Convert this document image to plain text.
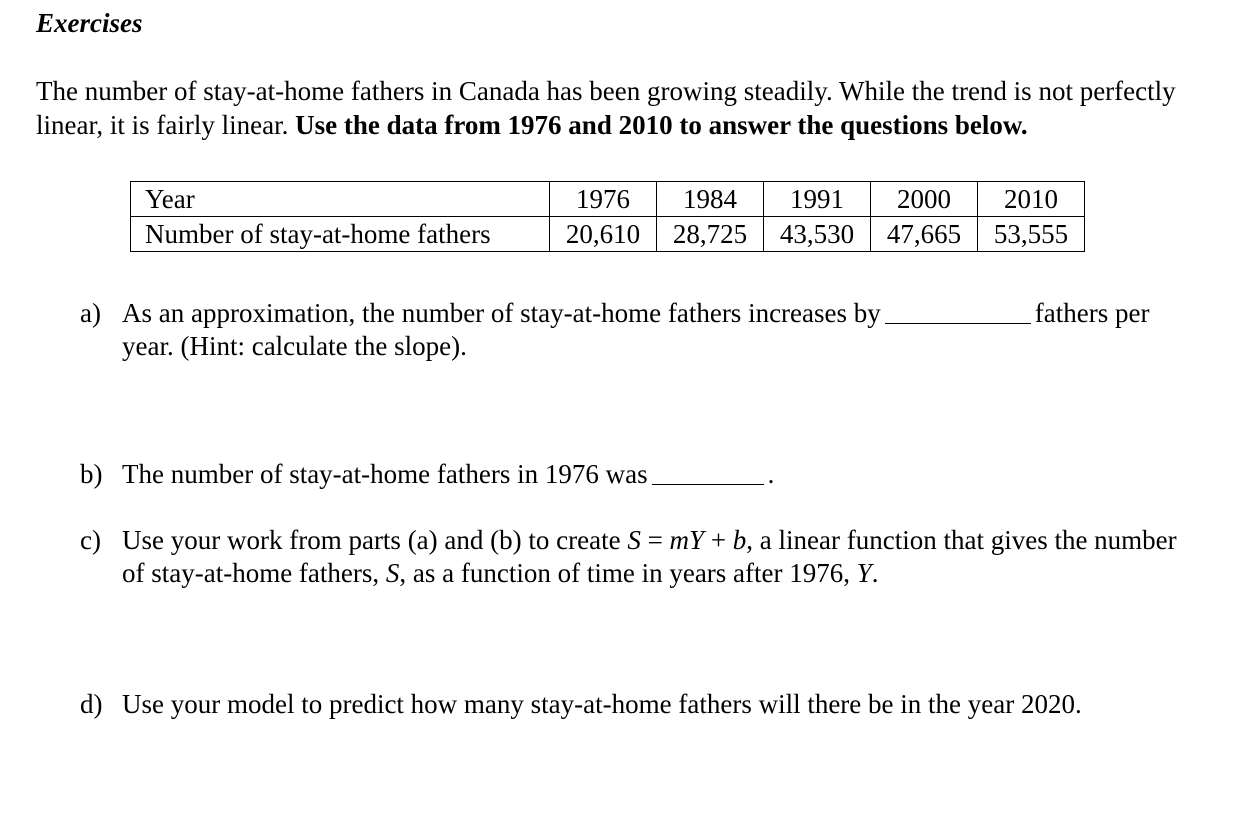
Exercises

The number of stay-at-home fathers in Canada has been growing steadily. While the trend is not perfectly linear, it is fairly linear. Use the data from 1976 and 2010 to answer the questions below.

Year	1976	1984	1991	2000	2010
Number of stay-at-home fathers	20,610	28,725	43,530	47,665	53,555
a) As an approximation, the number of stay-at-home fathers increases by	fathers per year. (Hint: calculate the slope).
b) The number of stay-at-home fathers in 1976 was	.
c) Use your work from parts (a) and (b) to create S = mY + b, a linear function that gives the number of stay-at-home fathers, S, as a function of time in years after 1976, Y.
d) Use your model to predict how many stay-at-home fathers will there be in the year 2020.
